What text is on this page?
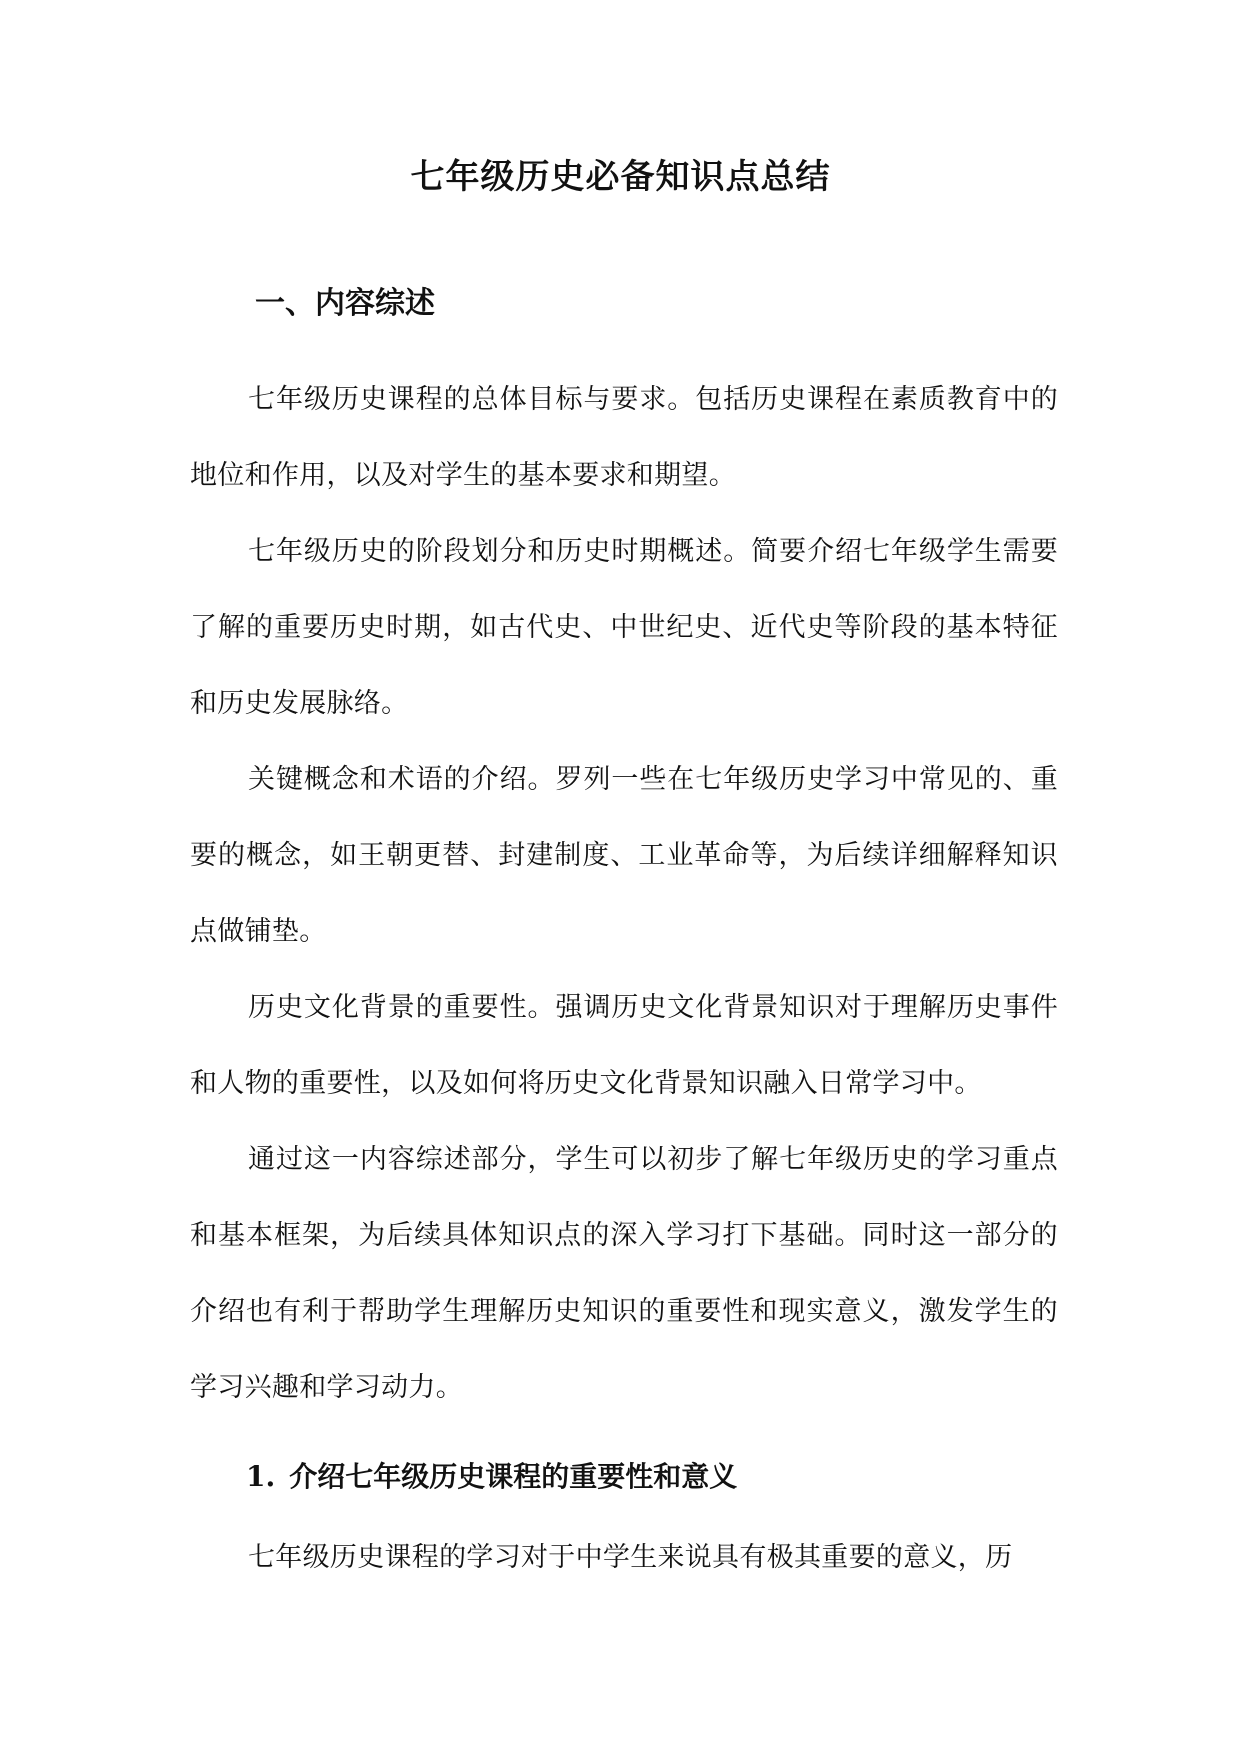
七年级历史必备知识点总结
一、内容综述

七年级历史课程的总体目标与要求。包括历史课程在素质教育中的地位和作用，以及对学生的基本要求和期望。

七年级历史的阶段划分和历史时期概述。简要介绍七年级学生需要了解的重要历史时期，如古代史、中世纪史、近代史等阶段的基本特征和历史发展脉络。

关键概念和术语的介绍。罗列一些在七年级历史学习中常见的、重要的概念，如王朝更替、封建制度、工业革命等，为后续详细解释知识点做铺垫。

历史文化背景的重要性。强调历史文化背景知识对于理解历史事件和人物的重要性，以及如何将历史文化背景知识融入日常学习中。

通过这一内容综述部分，学生可以初步了解七年级历史的学习重点和基本框架，为后续具体知识点的深入学习打下基础。同时这一部分的介绍也有利于帮助学生理解历史知识的重要性和现实意义，激发学生的学习兴趣和学习动力。

1. 介绍七年级历史课程的重要性和意义

七年级历史课程的学习对于中学生来说具有极其重要的意义，历
